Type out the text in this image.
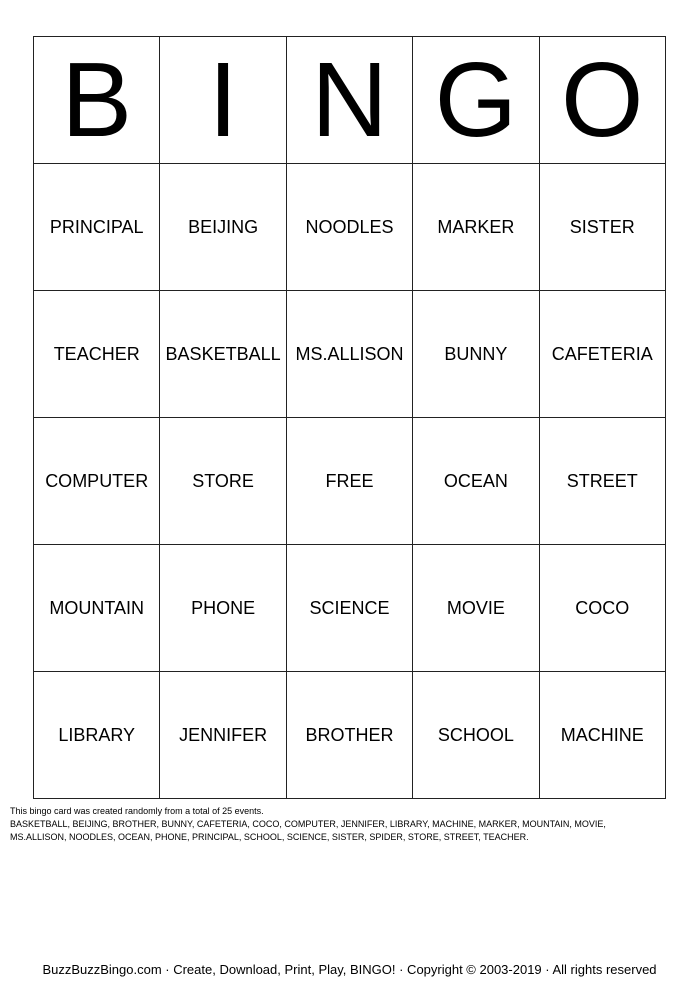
B	I	N	G	O
PRINCIPAL	BEIJING	NOODLES	MARKER	SISTER
TEACHER	BASKETBALL	MS.ALLISON	BUNNY	CAFETERIA
COMPUTER	STORE	FREE	OCEAN	STREET
MOUNTAIN	PHONE	SCIENCE	MOVIE	COCO
LIBRARY	JENNIFER	BROTHER	SCHOOL	MACHINE

This bingo card was created randomly from a total of 25 events.

BASKETBALL, BEIJING, BROTHER, BUNNY, CAFETERIA, COCO, COMPUTER, JENNIFER, LIBRARY, MACHINE, MARKER, MOUNTAIN, MOVIE,

MS.ALLISON, NOODLES, OCEAN, PHONE, PRINCIPAL, SCHOOL, SCIENCE, SISTER, SPIDER, STORE, STREET, TEACHER.

BuzzBuzzBingo.com · Create, Download, Print, Play, BINGO! · Copyright © 2003-2019 · All rights reserved
